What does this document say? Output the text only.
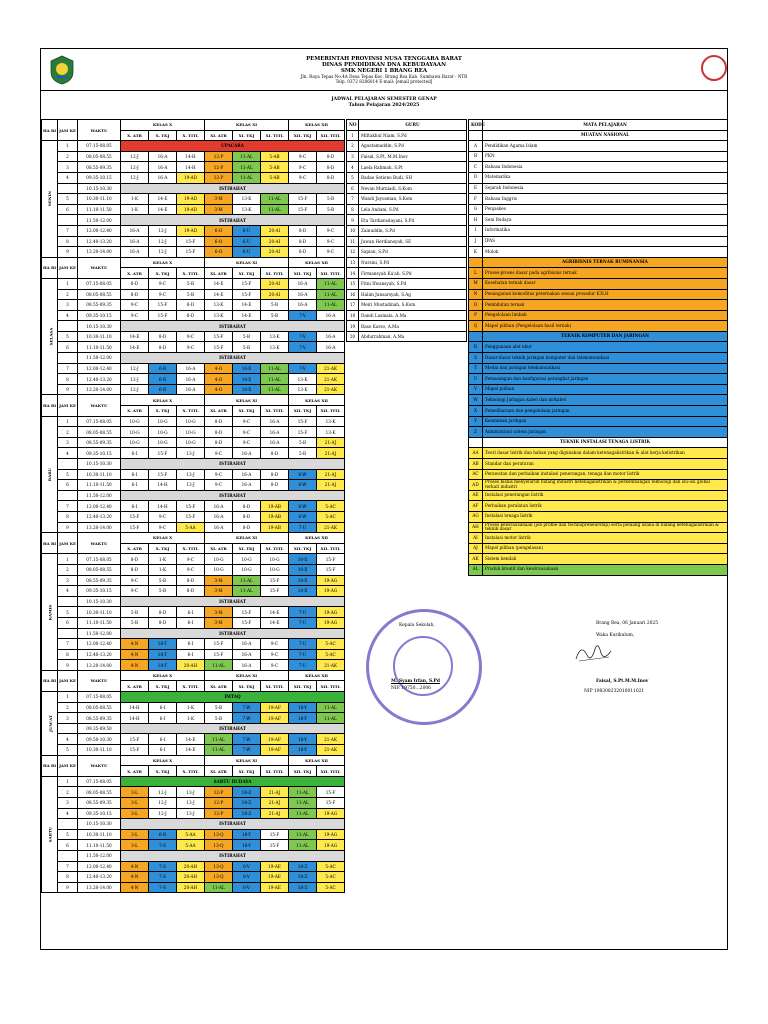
PEMERINTAH PROVINSI NUSA TENGGARA BARAT
DINAS PENDIDIKAN DNA KEBUDAYAAN
SMK NEGERI 1 BRANG REA
Jln. Raya Tepas No.4A Desa Tepas Kec. Brang Rea Kab. Sumbawa Barat - NTB
Telp. 0372 8286014 E-mail: [email protected]
JADWAL PELAJARAN SEMESTER GENAP
Tahun Pelajaran 2024/2025
HA RI	JAM KE	WAKTU	KELAS X			KELAS XI			KELAS XII	
			X. ATR	X. TKJ	X. TITL	XI. ATR	XI. TKJ	XI. TITL	XII. TKJ	XII. TITL
SENIN	1	07.15-08.05	UPACARA							
	2	08.05-08.55	12-J	16-A	14-H	12-P	11-AL	5-AB	9-C	8-D
	3	08.55-09.35	12-J	16-A	14-H	12-P	11-AL	5-AB	9-C	8-D
	4	09.35-10.15	12-J	16-A	19-AD	12-P	11-AL	5-AB	9-C	8-D
		10.15-10.30	ISTIRAHAT							
	5	10.30-11.10	1-K	14-E	19-AD	3-M	13-K	11-AL	15-F	5-B
	6	11.10-11.50	1-K	14-E	19-AD	3-M	13-K	11-AL	15-F	5-B
		11.50-12.00	ISTIRAHAT							
	7	12.00-12.40	16-A	12-J	19-AD	6-O	6-U	20-AI	8-D	9-C
	8	12.40-13.20	16-A	12-J	15-F	6-O	6-U	20-AI	8-D	9-C
	9	13.20-14.00	16-A	12-J	15-F	6-O	6-U	20-AI	8-D	9-C
HA RI	JAM KE	WAKTU	KELAS X			KELAS XI			KELAS XII	
			X. ATR	X. TKJ	X. TITL	XI. ATR	XI. TKJ	XI. TITL	XII. TKJ	XII. TITL
SELASA	1	07.15-08.05	8-D	9-C	5-B	14-E	15-F	20-AI	16-A	11-AL
	2	08.05-08.55	8-D	9-C	5-B	14-E	15-F	20-AI	16-A	11-AL
	3	08.55-09.35	9-C	15-F	8-D	13-K	14-E	5-B	16-A	11-AL
	4	09.35-10.15	9-C	15-F	8-D	13-K	14-E	5-B	7-V	16-A
		10.15-10.30	ISTIRAHAT							
	5	10.30-11.10	14-E	8-D	9-C	15-F	5-B	13-K	7-V	16-A
	6	11.10-11.50	14-E	8-D	9-C	15-F	5-B	13-K	7-V	16-A
		11.50-12.00	ISTIRAHAT							
	7	12.00-12.40	12-J	6-R	16-A	4-O	10-X	11-AL	7-V	21-AK
	8	12.40-13.20	12-J	6-R	16-A	4-O	10-X	11-AL	13-K	21-AK
	9	13.20-14.00	12-J	6-R	16-A	4-O	10-X	11-AL	13-K	21-AK
HA RI	JAM KE	WAKTU	KELAS X			KELAS XI			KELAS XII	
			X. ATR	X. TKJ	X. TITL	XI. ATR	XI. TKJ	XI. TITL	XII. TKJ	XII. TITL
RABU	1	07.15-08.05	10-G	10-G	10-G	8-D	9-C	16-A	15-F	13-K
	2	08.05-08.55	10-G	10-G	10-G	8-D	9-C	16-A	15-F	13-K
	3	08.55-09.35	10-G	10-G	10-G	8-D	9-C	16-A	5-B	21-AJ
	4	09.35-10.15	6-I	15-F	13-J	9-C	16-A	8-D	5-B	21-AJ
		10.15-10.30	ISTIRAHAT							
	5	10.30-11.10	6-I	15-F	13-J	9-C	16-A	8-D	6-W	21-AJ
	6	11.10-11.50	6-I	14-H	13-J	9-C	16-A	8-D	6-W	21-AJ
		11.50-12.00	ISTIRAHAT							
	7	12.00-12.40	6-I	14-H	15-F	16-A	8-D	19-AB	6-W	5-AC
	8	12.40-13.20	15-F	9-C	15-F	16-A	8-D	19-AB	6-W	5-AC
	9	13.20-14.00	15-F	9-C	5-AA	16-A	8-D	19-AB	7-U	21-AK
HA RI	JAM KE	WAKTU	KELAS X			KELAS XI			KELAS XII	
			X. ATR	X. TKJ	X. TITL	XI. ATR	XI. TKJ	XI. TITL	XII. TKJ	XII. TITL
KAMIS	1	07.15-08.05	8-D	1-K	9-C	10-G	10-G	10-G	10-X	15-F
	2	08.05-08.55	8-D	1-K	9-C	10-G	10-G	10-G	10-X	15-F
	3	08.55-09.35	9-C	5-B	8-D	3-M	11-AL	15-F	10-X	19-AG
	4	09.35-10.15	9-C	5-B	8-D	3-M	11-AL	15-F	10-X	19-AG
		10.15-10.30	ISTIRAHAT							
	5	10.30-11.10	5-B	8-D	6-I	3-M	15-F	14-E	7-U	19-AG
	6	11.10-11.50	5-B	8-D	6-I	3-M	15-F	14-E	7-U	19-AG
		11.50-12.00	ISTIRAHAT							
	7	12.00-12.40	4-N	18-T	6-I	15-F	16-A	9-C	7-U	5-AC
	8	12.40-13.20	4-N	18-T	6-I	15-F	16-A	9-C	7-U	5-AC
	9	13.20-14.00	4-N	18-T	20-AH	11-AL	16-A	9-C	7-U	21-AK
HA RI	JAM KE	WAKTU	KELAS X			KELAS XI			KELAS XII	
			X. ATR	X. TKJ	X. TITL	XI. ATR	XI. TKJ	XI. TITL	XII. TKJ	XII. TITL
JUM'AT	1	07.15-08.05	IMTAQ							
	2	08.05-08.55	14-H	6-I	1-K	5-B	7-W	19-AF	18-Y	11-AL
	3	08.55-09.35	14-H	6-I	1-K	5-B	7-W	19-AF	18-Y	11-AL
		09.35-09.50	ISTIRAHAT							
	4	09.50-10.30	15-F	6-I	14-E	11-AL	7-W	19-AF	18-Y	21-AK
	5	10.30-11.10	15-F	6-I	14-E	11-AL	7-W	19-AF	18-Y	21-AK
HA RI	JAM KE	WAKTU	KELAS X			KELAS XI			KELAS XII	
			X. ATR	X. TKJ	X. TITL	XI. ATR	XI. TKJ	XI. TITL	XII. TKJ	XII. TITL
SABTU	1	07.15-08.05	SABTU BUDAYA							
	2	08.05-08.55	3-L	12-J	13-J	12-P	18-Z	21-AJ	11-AL	15-F
	3	08.55-09.35	3-L	12-J	13-J	12-P	18-Z	21-AJ	11-AL	15-F
	4	09.35-10.15	3-L	12-J	13-J	12-P	18-Z	21-AJ	11-AL	19-AG
		10.15-10.30	ISTIRAHAT							
	5	10.30-11.10	3-L	6-R	5-AA	13-Q	18-Y	15-F	11-AL	19-AG
	6	11.10-11.50	3-L	7-S	5-AA	13-Q	18-Y	15-F	11-AL	19-AG
		11.50-12.00	ISTIRAHAT							
	7	12.00-12.40	4-N	7-S	20-AH	13-Q	6-V	19-AE	18-Z	5-AC
	8	12.40-13.20	4-N	7-S	20-AH	13-Q	6-V	19-AE	18-Z	5-AC
	9	13.20-14.00	4-N	7-S	20-AH	11-AL	6-V	19-AE	18-Z	5-AC
NO	GURU
1	Miftakhul Niam, S.Pd
2	Agustamaddin, S.Pd
3	Faisal, S.Pt, M.M.Inov
4	Laela Rahmah, S.Pt
5	Badae Setiono Budi, SH
6	Nevan Murniadi, S.Kom
7	Wandi Jayusman, S.Kom
8	Lela Andani, S.Pd
9	Eta Tardiansdayani, S.Pd
10	Zainuddin, S.Pd
11	Juwan Herdiansyah, SE
12	Sapian, S.Pd
13	Nursini, S.Pd
14	Firmansyah Ka'ab, S.Pd
15	Fitni Ifwansyah, S.Pd
16	Halim Junsarsyah, S.Ag
17	Meiri Mustadinah, S.Kom
18	Dandi Lasmala, A.Ma
19	Raso Karso, A.Ma
20	Abdurrahman, A.Ma
KODE	MATA PELAJARAN
	MUATAN NASIONAL
A	Pendidikan Agama Islam
B	PKN
C	Bahasa Indonesia
D	Matematika
E	Sejarah Indonesia
F	Bahasa Inggris
G	Penjaskes
H	Seni Budaya
I	Informatika
J	IPAS
K	Mulok
	AGRIBISNIS TERNAK RUMINANSIA
L	Proses-proses dasar pada agribisnis ternak
M	Kesehatan ternak dasar
N	Penanganan komoditas peternakan sesuai prosedur K3LH
O	Pembibitan ternak
P	Pengelolaan limbah
Q	Mapel pilihan (Pengelolaan hasil ternak)
	TEKNIK KOMPUTER DAN JARINGAN
R	Penggunaan alat ukur
S	Dasar-dasar teknik jaringan komputer dan telekomunikasi
T	Media dan jaringan telekomunikasi
U	Pemasangan dan konfigurasi perangkat jaringan
V	Mapel pilihan
W	Teknologi Jaringan kabel dan nirkabel
X	Pemeliharaan dan pengelolaan jaringan
Y	Keamanan jaringan
Z	Administrasi sistem jaringan
	TEKNIK INSTALASI TENAGA LISTRIK
AA	Teori dasar listrik dan bahan yang digunakan dalam ketenagalistrikan & alat kerja kelistrikan
AB	Standar dan peraturan
AC	Perawatan dan perbaikan instalasi penerangan, tenaga dan motor listrik
AD	Proses bisnis menyeluruh bidang industri ketenagalistrikan & perkembangan teknologi dan isu-isu global terkait industri
AE	Instalasi penerangan listrik
AF	Perbaikan peralatan listrik
AG	Instalasi tenaga listrik
AH	Proses kewirausahaan (job profile dan technopreneurship) serta peluang usaha di bidang ketenagalistrikan & teknik dasar
AI	Instalasi motor listrik
AJ	Mapel pilihan (pengelasan)
AK	Sistem kendali
AL	Produk kreatif dan kewirausahaan
Kepala Sekolah,
M. Syam Irfan, S.Pd
NIP. 19750…2006
Brang Rea, 06 Januari 2025
Waka Kurikulum,
Faisal, S.Pt.M.M.Inov
NIP 198308232010011021
